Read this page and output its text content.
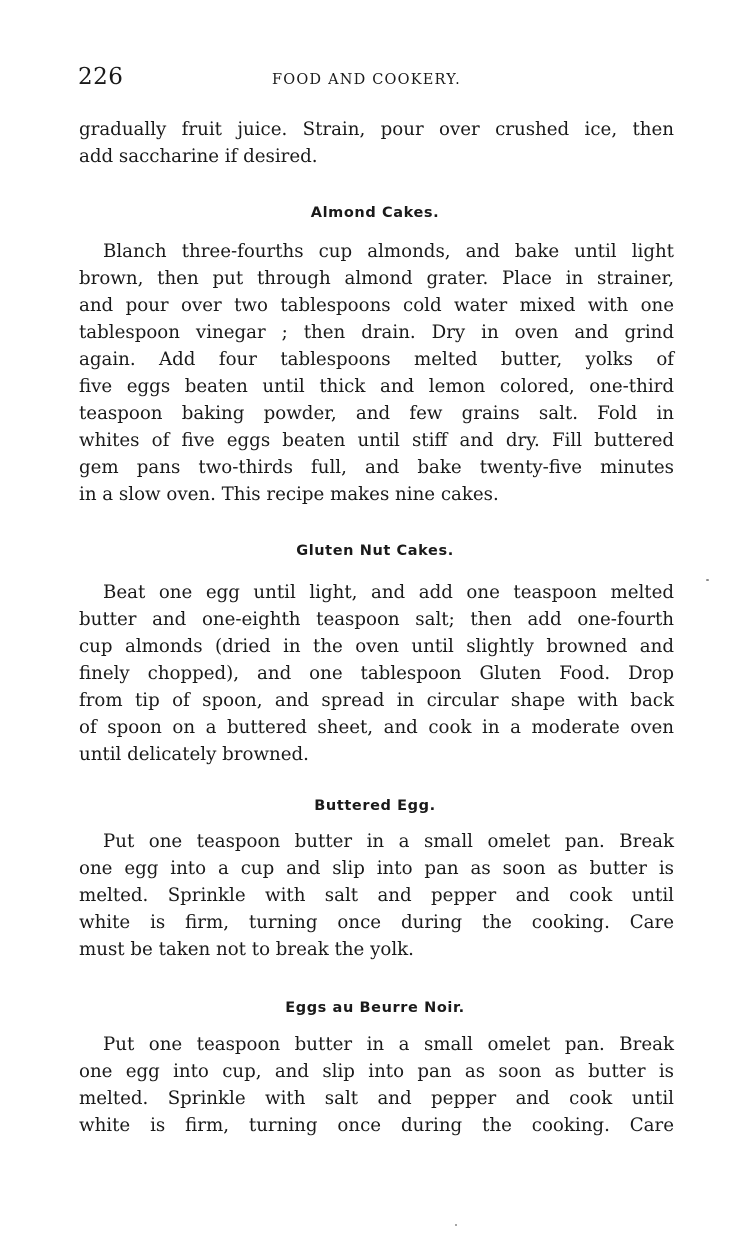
226	FOOD AND COOKERY.
gradually fruit juice. Strain, pour over crushed ice, then
add saccharine if desired.
Almond Cakes.
Blanch three-fourths cup almonds, and bake until light
brown, then put through almond grater. Place in strainer,
and pour over two tablespoons cold water mixed with one
tablespoon vinegar ; then drain. Dry in oven and grind
again. Add four tablespoons melted butter, yolks of
five eggs beaten until thick and lemon colored, one-third
teaspoon baking powder, and few grains salt. Fold in
whites of five eggs beaten until stiff and dry. Fill buttered
gem pans two-thirds full, and bake twenty-five minutes
in a slow oven. This recipe makes nine cakes.
Gluten Nut Cakes.
Beat one egg until light, and add one teaspoon melted
butter and one-eighth teaspoon salt; then add one-fourth
cup almonds (dried in the oven until slightly browned and
finely chopped), and one tablespoon Gluten Food. Drop
from tip of spoon, and spread in circular shape with back
of spoon on a buttered sheet, and cook in a moderate oven
until delicately browned.
Buttered Egg.
Put one teaspoon butter in a small omelet pan. Break
one egg into a cup and slip into pan as soon as butter is
melted. Sprinkle with salt and pepper and cook until
white is firm, turning once during the cooking. Care
must be taken not to break the yolk.
Eggs au Beurre Noir.
Put one teaspoon butter in a small omelet pan. Break
one egg into cup, and slip into pan as soon as butter is
melted. Sprinkle with salt and pepper and cook until
white is firm, turning once during the cooking. Care
